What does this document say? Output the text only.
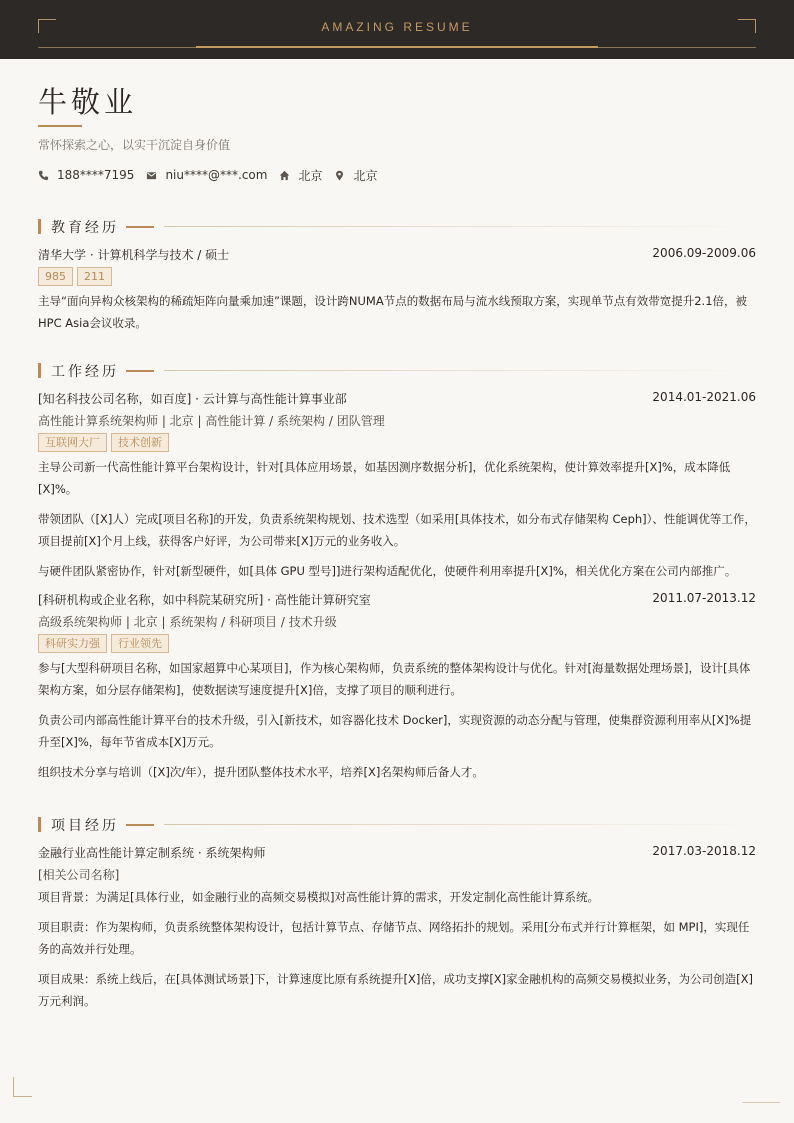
AMAZING RESUME
牛敬业
常怀探索之心，以实干沉淀自身价值
188****7195	niu****@***.com	北京	北京
教育经历
清华大学 · 计算机科学与技术 / 硕士	2006.09-2009.06
985	211
主导“面向异构众核架构的稀疏矩阵向量乘加速”课题，设计跨NUMA节点的数据布局与流水线预取方案，实现单节点有效带宽提升2.1倍，被HPC Asia会议收录。
工作经历
[知名科技公司名称，如百度] · 云计算与高性能计算事业部	2014.01-2021.06
高性能计算系统架构师 | 北京 | 高性能计算 / 系统架构 / 团队管理
互联网大厂	技术创新
主导公司新一代高性能计算平台架构设计，针对[具体应用场景，如基因测序数据分析]，优化系统架构，使计算效率提升[X]%，成本降低[X]%。
带领团队（[X]人）完成[项目名称]的开发，负责系统架构规划、技术选型（如采用[具体技术，如分布式存储架构 Ceph]）、性能调优等工作，项目提前[X]个月上线，获得客户好评，为公司带来[X]万元的业务收入。
与硬件团队紧密协作，针对[新型硬件，如[具体 GPU 型号]]进行架构适配优化，使硬件利用率提升[X]%，相关优化方案在公司内部推广。
[科研机构或企业名称，如中科院某研究所] · 高性能计算研究室	2011.07-2013.12
高级系统架构师 | 北京 | 系统架构 / 科研项目 / 技术升级
科研实力强	行业领先
参与[大型科研项目名称，如国家超算中心某项目]，作为核心架构师，负责系统的整体架构设计与优化。针对[海量数据处理场景]，设计[具体架构方案，如分层存储架构]，使数据读写速度提升[X]倍，支撑了项目的顺利进行。
负责公司内部高性能计算平台的技术升级，引入[新技术，如容器化技术 Docker]，实现资源的动态分配与管理，使集群资源利用率从[X]%提升至[X]%，每年节省成本[X]万元。
组织技术分享与培训（[X]次/年），提升团队整体技术水平，培养[X]名架构师后备人才。
项目经历
金融行业高性能计算定制系统 · 系统架构师	2017.03-2018.12
[相关公司名称]
项目背景：为满足[具体行业，如金融行业的高频交易模拟]对高性能计算的需求，开发定制化高性能计算系统。
项目职责：作为架构师，负责系统整体架构设计，包括计算节点、存储节点、网络拓扑的规划。采用[分布式并行计算框架，如 MPI]，实现任务的高效并行处理。
项目成果：系统上线后，在[具体测试场景]下，计算速度比原有系统提升[X]倍，成功支撑[X]家金融机构的高频交易模拟业务，为公司创造[X]万元利润。
